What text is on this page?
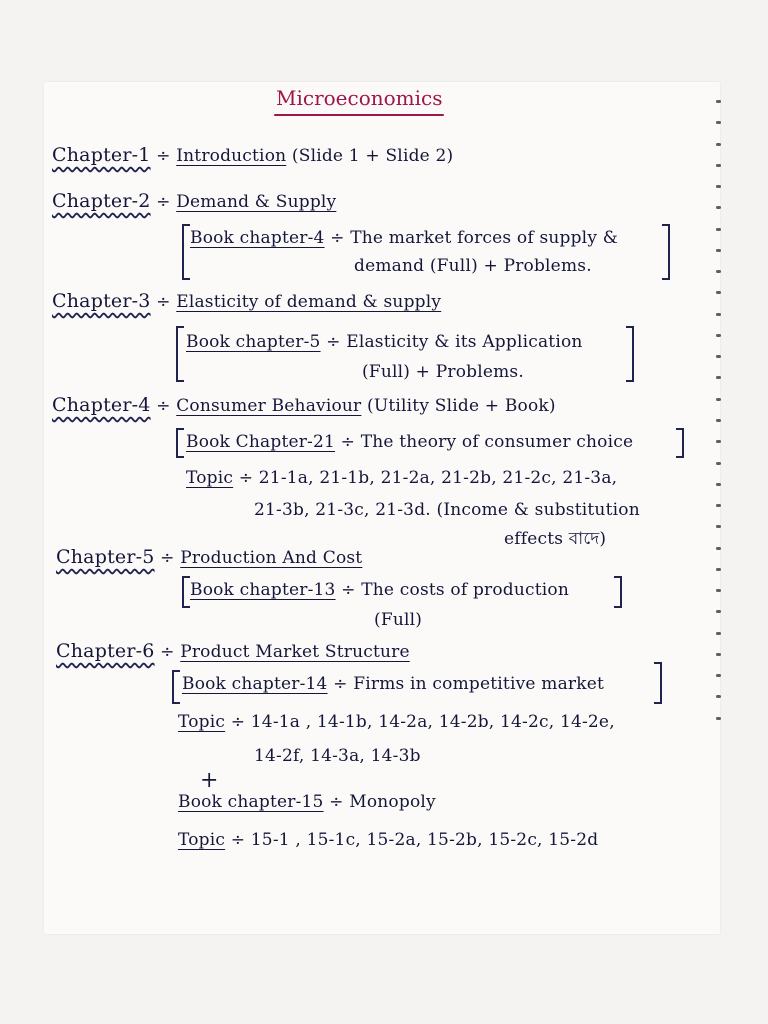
Microeconomics
Chapter-1 ÷ Introduction (Slide 1 + Slide 2)
Chapter-2 ÷ Demand & Supply
Book chapter-4 ÷ The market forces of supply &
demand (Full) + Problems.
Chapter-3 ÷ Elasticity of demand & supply
Book chapter-5 ÷ Elasticity & its Application
(Full) + Problems.
Chapter-4 ÷ Consumer Behaviour (Utility Slide + Book)
Book Chapter-21 ÷ The theory of consumer choice
Topic ÷ 21-1a, 21-1b, 21-2a, 21-2b, 21-2c, 21-3a,
21-3b, 21-3c, 21-3d. (Income & substitution
effects বাদে)
Chapter-5 ÷ Production And Cost
Book chapter-13 ÷ The costs of production
(Full)
Chapter-6 ÷ Product Market Structure
Book chapter-14 ÷ Firms in competitive market
Topic ÷ 14-1a , 14-1b, 14-2a, 14-2b, 14-2c, 14-2e,
14-2f, 14-3a, 14-3b
+
Book chapter-15 ÷ Monopoly
Topic ÷ 15-1 , 15-1c, 15-2a, 15-2b, 15-2c, 15-2d
